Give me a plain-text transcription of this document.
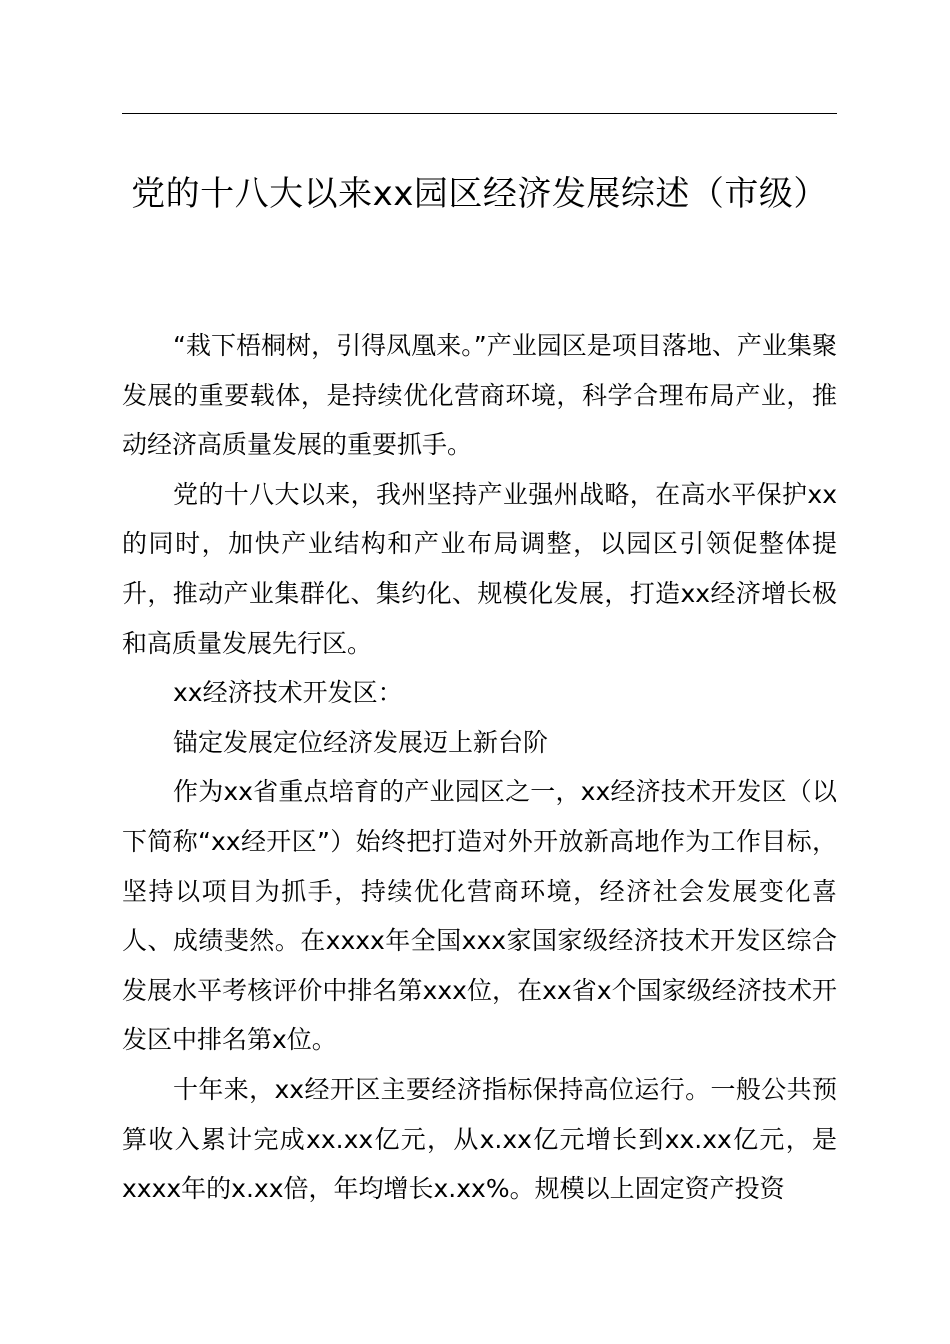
党的十八大以来xx园区经济发展综述（市级）

“栽下梧桐树，引得凤凰来。”产业园区是项目落地、产业集聚发展的重要载体，是持续优化营商环境，科学合理布局产业，推动经济高质量发展的重要抓手。

党的十八大以来，我州坚持产业强州战略，在高水平保护xx的同时，加快产业结构和产业布局调整，以园区引领促整体提升，推动产业集群化、集约化、规模化发展，打造xx经济增长极和高质量发展先行区。

xx经济技术开发区：

锚定发展定位经济发展迈上新台阶

作为xx省重点培育的产业园区之一，xx经济技术开发区（以下简称“xx经开区”）始终把打造对外开放新高地作为工作目标，坚持以项目为抓手，持续优化营商环境，经济社会发展变化喜人、成绩斐然。在xxxx年全国xxx家国家级经济技术开发区综合发展水平考核评价中排名第xxx位，在xx省x个国家级经济技术开发区中排名第x位。

十年来，xx经开区主要经济指标保持高位运行。一般公共预算收入累计完成xx.xx亿元，从x.xx亿元增长到xx.xx亿元，是xxxx年的x.xx倍，年均增长x.xx%。规模以上固定资产投资
